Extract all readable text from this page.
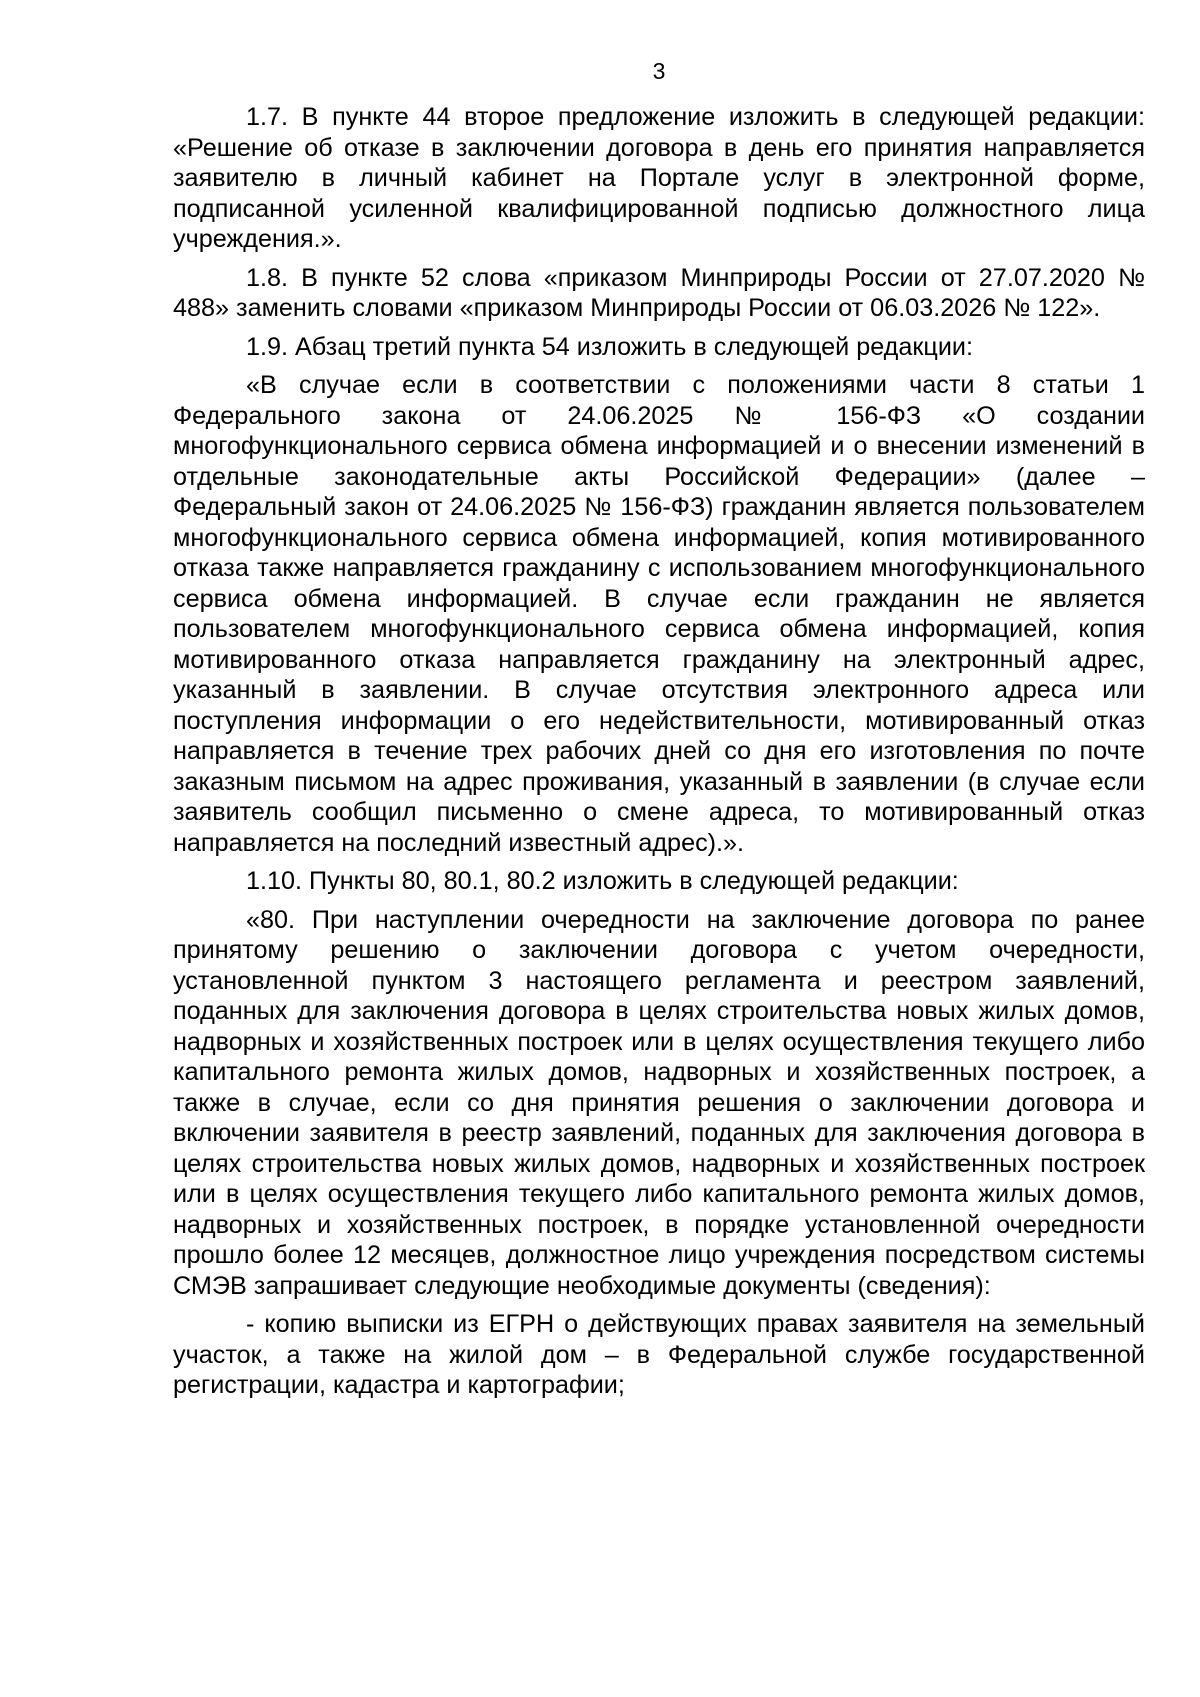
3

1.7. В пункте 44 второе предложение изложить в следующей редакции: «Решение об отказе в заключении договора в день его принятия направляется заявителю в личный кабинет на Портале услуг в электронной форме, подписанной усиленной квалифицированной подписью должностного лица учреждения.».

1.8. В пункте 52 слова «приказом Минприроды России от 27.07.2020 № 488» заменить словами «приказом Минприроды России от 06.03.2026 № 122».

1.9. Абзац третий пункта 54 изложить в следующей редакции:

«В случае если в соответствии с положениями части 8 статьи 1 Федерального закона от 24.06.2025 № 156-ФЗ «О создании многофункционального сервиса обмена информацией и о внесении изменений в отдельные законодательные акты Российской Федерации» (далее – Федеральный закон от 24.06.2025 № 156-ФЗ) гражданин является пользователем многофункционального сервиса обмена информацией, копия мотивированного отказа также направляется гражданину с использованием многофункционального сервиса обмена информацией. В случае если гражданин не является пользователем многофункционального сервиса обмена информацией, копия мотивированного отказа направляется гражданину на электронный адрес, указанный в заявлении. В случае отсутствия электронного адреса или поступления информации о его недействительности, мотивированный отказ направляется в течение трех рабочих дней со дня его изготовления по почте заказным письмом на адрес проживания, указанный в заявлении (в случае если заявитель сообщил письменно о смене адреса, то мотивированный отказ направляется на последний известный адрес).».

1.10. Пункты 80, 80.1, 80.2 изложить в следующей редакции:

«80. При наступлении очередности на заключение договора по ранее принятому решению о заключении договора с учетом очередности, установленной пунктом 3 настоящего регламента и реестром заявлений, поданных для заключения договора в целях строительства новых жилых домов, надворных и хозяйственных построек или в целях осуществления текущего либо капитального ремонта жилых домов, надворных и хозяйственных построек, а также в случае, если со дня принятия решения о заключении договора и включении заявителя в реестр заявлений, поданных для заключения договора в целях строительства новых жилых домов, надворных и хозяйственных построек или в целях осуществления текущего либо капитального ремонта жилых домов, надворных и хозяйственных построек, в порядке установленной очередности прошло более 12 месяцев, должностное лицо учреждения посредством системы СМЭВ запрашивает следующие необходимые документы (сведения):

- копию выписки из ЕГРН о действующих правах заявителя на земельный участок, а также на жилой дом – в Федеральной службе государственной регистрации, кадастра и картографии;
